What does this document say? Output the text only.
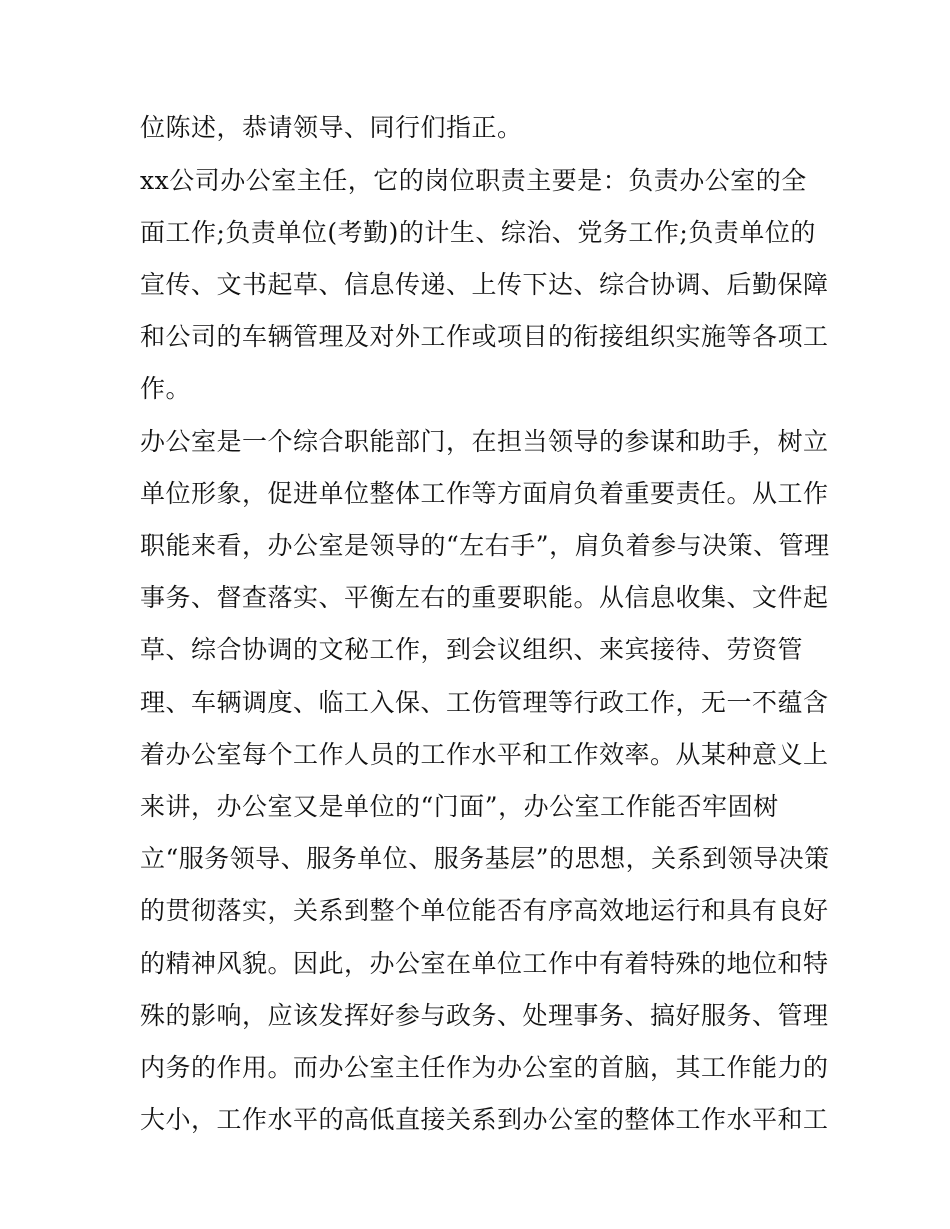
位陈述，恭请领导、同行们指正。
xx公司办公室主任，它的岗位职责主要是：负责办公室的全
面工作;负责单位(考勤)的计生、综治、党务工作;负责单位的
宣传、文书起草、信息传递、上传下达、综合协调、后勤保障
和公司的车辆管理及对外工作或项目的衔接组织实施等各项工
作。
办公室是一个综合职能部门，在担当领导的参谋和助手，树立
单位形象，促进单位整体工作等方面肩负着重要责任。从工作
职能来看，办公室是领导的“左右手”，肩负着参与决策、管理
事务、督查落实、平衡左右的重要职能。从信息收集、文件起
草、综合协调的文秘工作，到会议组织、来宾接待、劳资管
理、车辆调度、临工入保、工伤管理等行政工作，无一不蕴含
着办公室每个工作人员的工作水平和工作效率。从某种意义上
来讲，办公室又是单位的“门面”，办公室工作能否牢固树
立“服务领导、服务单位、服务基层”的思想，关系到领导决策
的贯彻落实，关系到整个单位能否有序高效地运行和具有良好
的精神风貌。因此，办公室在单位工作中有着特殊的地位和特
殊的影响，应该发挥好参与政务、处理事务、搞好服务、管理
内务的作用。而办公室主任作为办公室的首脑，其工作能力的
大小，工作水平的高低直接关系到办公室的整体工作水平和工
